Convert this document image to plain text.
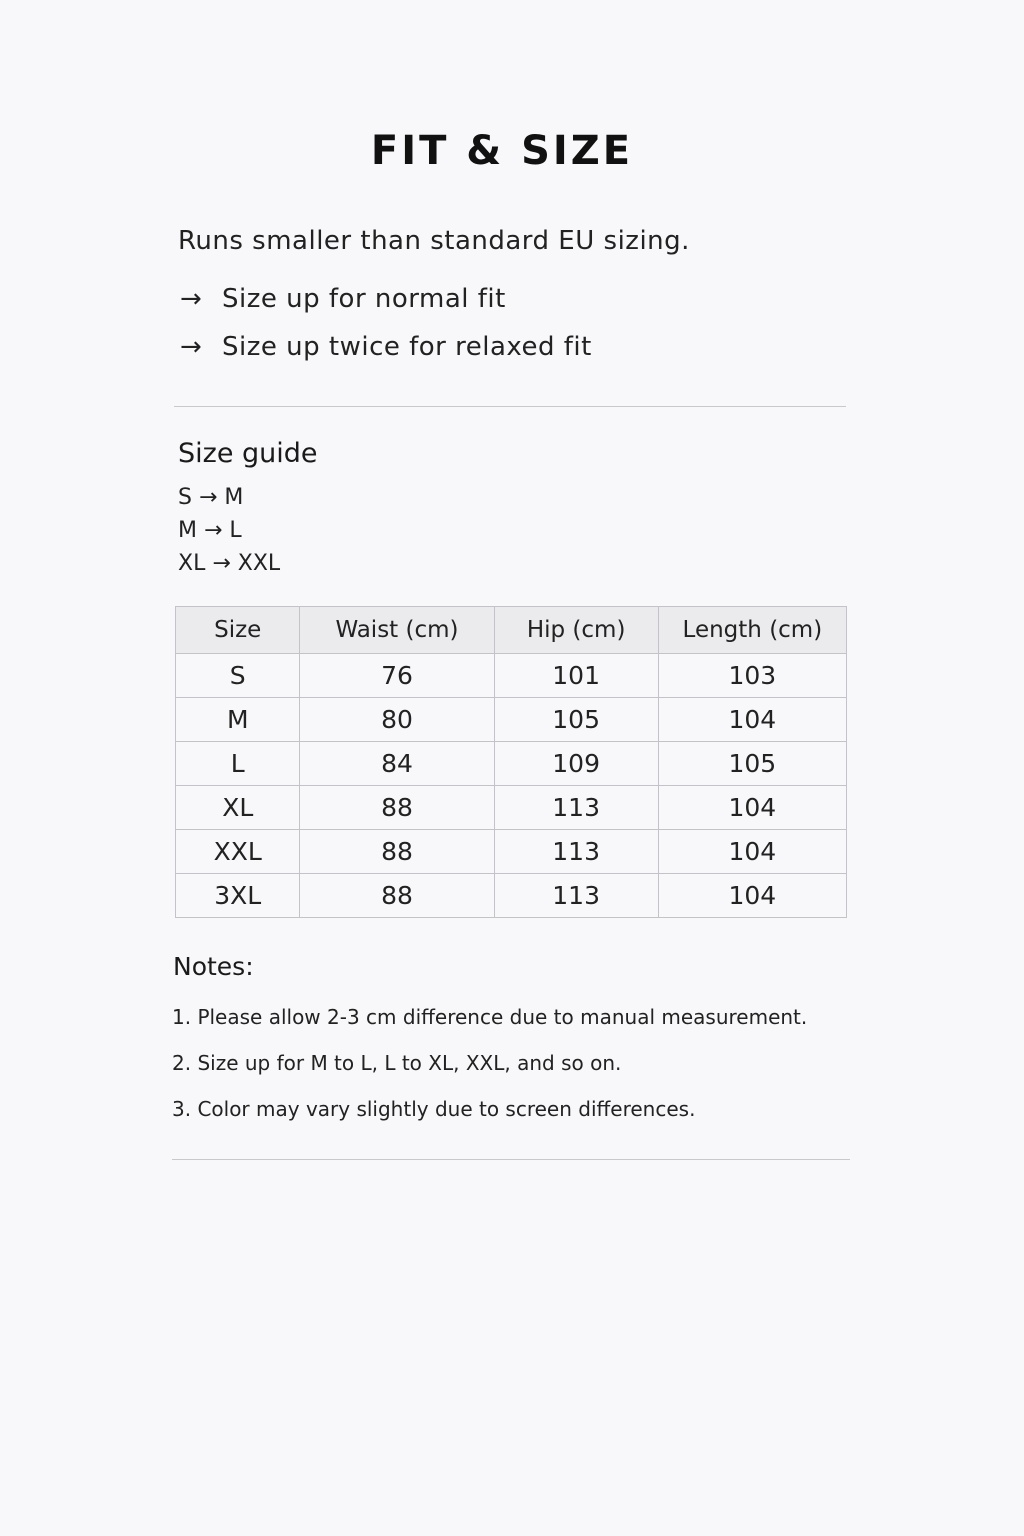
FIT & SIZE
Runs smaller than standard EU sizing.
→ Size up for normal fit
→ Size up twice for relaxed fit
Size guide
S → M
M → L
XL → XXL
Size	Waist (cm)	Hip (cm)	Length (cm)
S	76	101	103
M	80	105	104
L	84	109	105
XL	88	113	104
XXL	88	113	104
3XL	88	113	104
Notes:
1. Please allow 2-3 cm difference due to manual measurement.
2. Size up for M to L, L to XL, XXL, and so on.
3. Color may vary slightly due to screen differences.
